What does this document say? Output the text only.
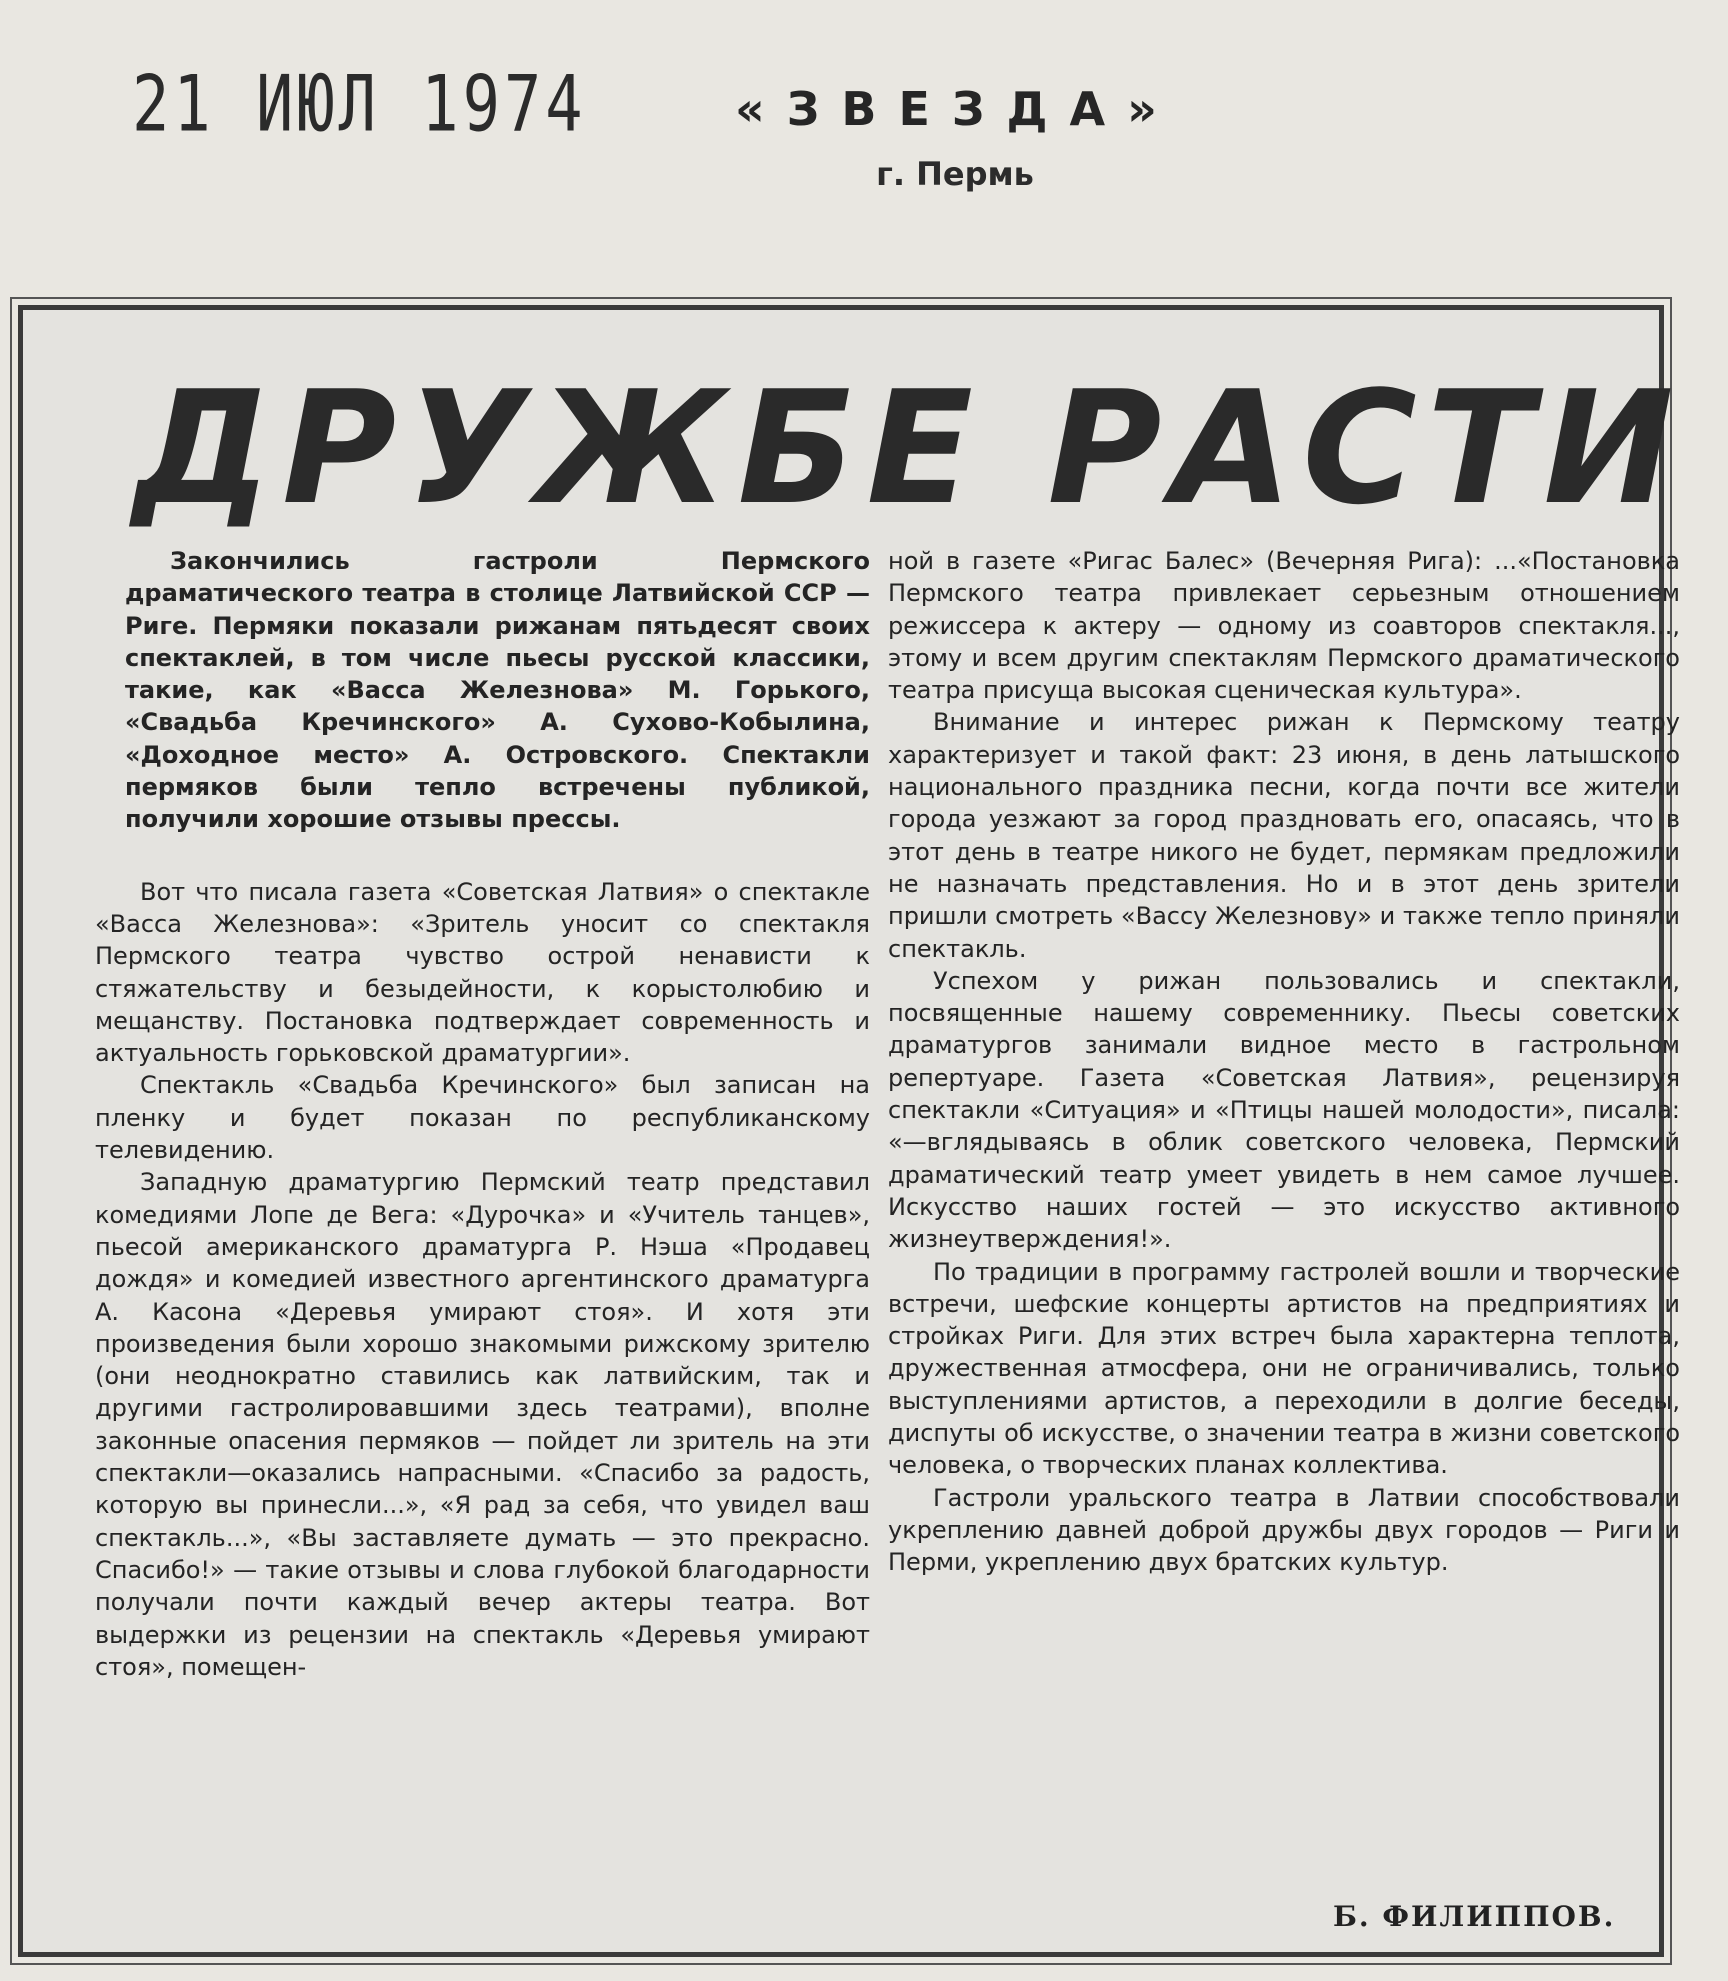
21 ИЮЛ 1974	«ЗВЕЗДА»
г. Пермь
ДРУЖБЕ РАСТИ

Закончились гастроли Пермского драматического театра в столице Латвийской ССР — Риге. Пермяки показали рижанам пятьдесят своих спектаклей, в том числе пьесы русской классики, такие, как «Васса Железнова» М. Горького, «Свадьба Кречинского» А. Сухово-Кобылина, «Доходное место» А. Островского. Спектакли пермяков были тепло встречены публикой, получили хорошие отзывы прессы.

Вот что писала газета «Советская Латвия» о спектакле «Васса Железнова»: «Зритель уносит со спектакля Пермского театра чувство острой ненависти к стяжательству и безыдейности, к корыстолюбию и мещанству. Постановка подтверждает современность и актуальность горьковской драматургии».

Спектакль «Свадьба Кречинского» был записан на пленку и будет показан по республиканскому телевидению.

Западную драматургию Пермский театр представил комедиями Лопе де Вега: «Дурочка» и «Учитель танцев», пьесой американского драматурга Р. Нэша «Продавец дождя» и комедией известного аргентинского драматурга А. Касона «Деревья умирают стоя». И хотя эти произведения были хорошо знакомыми рижскому зрителю (они неоднократно ставились как латвийским, так и другими гастролировавшими здесь театрами), вполне законные опасения пермяков — пойдет ли зритель на эти спектакли—оказались напрасными. «Спасибо за радость, которую вы принесли...», «Я рад за себя, что увидел ваш спектакль...», «Вы заставляете думать — это прекрасно. Спасибо!» — такие отзывы и слова глубокой благодарности получали почти каждый вечер актеры театра. Вот выдержки из рецензии на спектакль «Деревья умирают стоя», помещен-

ной в газете «Ригас Балес» (Вечерняя Рига): ...«Постановка Пермского театра привлекает серьезным отношением режиссера к актеру — одному из соавторов спектакля..., этому и всем другим спектаклям Пермского драматического театра присуща высокая сценическая культура».

Внимание и интерес рижан к Пермскому театру характеризует и такой факт: 23 июня, в день латышского национального праздника песни, когда почти все жители города уезжают за город праздновать его, опасаясь, что в этот день в театре никого не будет, пермякам предложили не назначать представления. Но и в этот день зрители пришли смотреть «Вассу Железнову» и также тепло приняли спектакль.

Успехом у рижан пользовались и спектакли, посвященные нашему современнику. Пьесы советских драматургов занимали видное место в гастрольном репертуаре. Газета «Советская Латвия», рецензируя спектакли «Ситуация» и «Птицы нашей молодости», писала: «—вглядываясь в облик советского человека, Пермский драматический театр умеет увидеть в нем самое лучшее. Искусство наших гостей — это искусство активного жизнеутверждения!».

По традиции в программу гастролей вошли и творческие встречи, шефские концерты артистов на предприятиях и стройках Риги. Для этих встреч была характерна теплота, дружественная атмосфера, они не ограничивались, только выступлениями артистов, а переходили в долгие беседы, диспуты об искусстве, о значении театра в жизни советского человека, о творческих планах коллектива.

Гастроли уральского театра в Латвии способствовали укреплению давней доброй дружбы двух городов — Риги и Перми, укреплению двух братских культур.

Б. ФИЛИППОВ.
